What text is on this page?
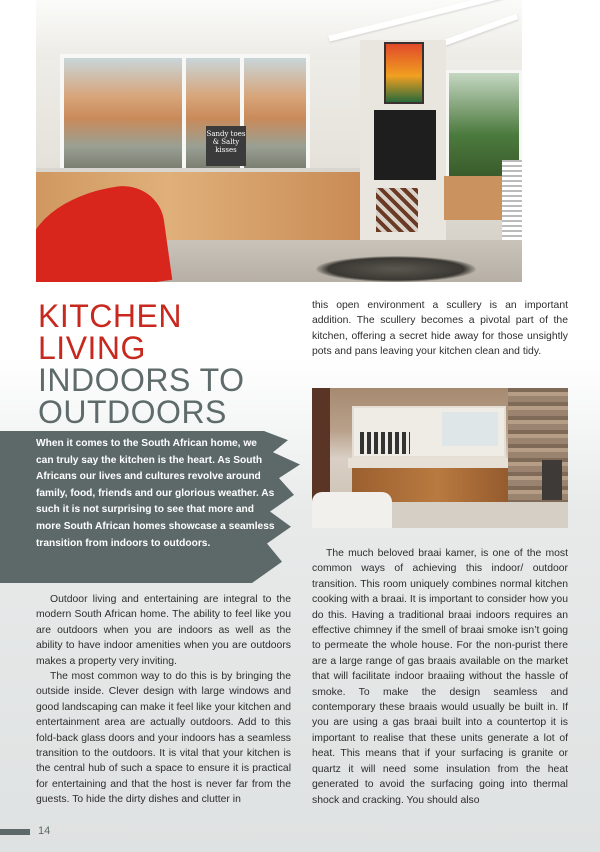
Sandy toes & Salty kisses
KITCHEN
LIVING
INDOORS TO
OUTDOORS

When it comes to the South African home, we can truly say the kitchen is the heart. As South Africans our lives and cultures revolve around family, food, friends and our glorious weather. As such it is not surprising to see that more and more South African homes showcase a seamless transition from indoors to outdoors.

Outdoor living and entertaining are integral to the modern South African home. The ability to feel like you are outdoors when you are indoors as well as the ability to have indoor amenities when you are outdoors makes a property very inviting.

The most common way to do this is by bringing the outside inside. Clever design with large windows and good landscaping can make it feel like your kitchen and entertainment area are actually outdoors. Add to this fold-back glass doors and your indoors has a seamless transition to the outdoors. It is vital that your kitchen is the central hub of such a space to ensure it is practical for entertaining and that the host is never far from the guests. To hide the dirty dishes and clutter in

this open environment a scullery is an important addition. The scullery becomes a pivotal part of the kitchen, offering a secret hide away for those unsightly pots and pans leaving your kitchen clean and tidy.

The much beloved braai kamer, is one of the most common ways of achieving this indoor/ outdoor transition. This room uniquely combines normal kitchen cooking with a braai. It is important to consider how you do this. Having a traditional braai indoors requires an effective chimney if the smell of braai smoke isn’t going to permeate the whole house. For the non-purist there are a large range of gas braais available on the market that will facilitate indoor braaiing without the hassle of smoke. To make the design seamless and contemporary these braais would usually be built in. If you are using a gas braai built into a countertop it is important to realise that these units generate a lot of heat. This means that if your surfacing is granite or quartz it will need some insulation from the heat generated to avoid the surfacing going into thermal shock and cracking. You should also

14
